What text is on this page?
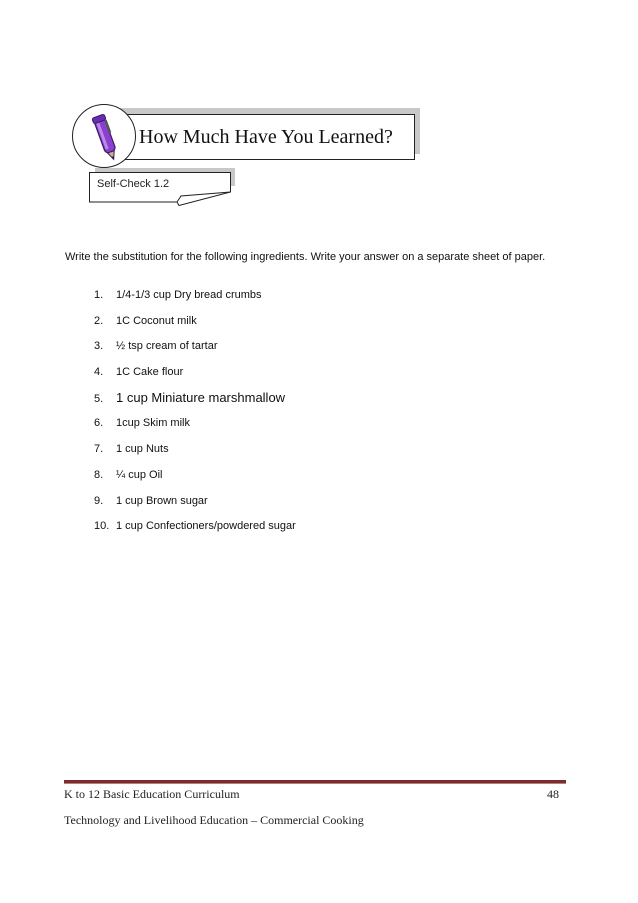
How Much Have You Learned?
Self-Check 1.2
Write the substitution for the following ingredients. Write your answer on a separate sheet of paper.
1. 1/4-1/3 cup Dry bread crumbs
2. 1C Coconut milk
3. ½ tsp cream of tartar
4. 1C Cake flour
5. 1 cup Miniature marshmallow
6. 1cup Skim milk
7. 1 cup Nuts
8. ¼ cup Oil
9. 1 cup Brown sugar
10. 1 cup Confectioners/powdered sugar
K to 12 Basic Education Curriculum	48
Technology and Livelihood Education – Commercial Cooking
